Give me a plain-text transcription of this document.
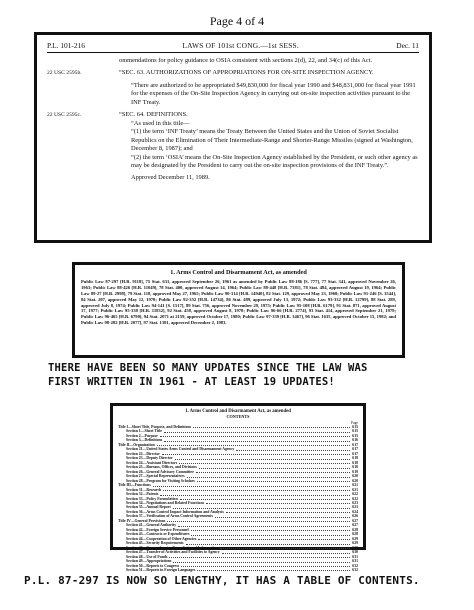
Page 4 of 4
P.L. 101-216	LAWS OF 101st CONG.—1st SESS.	Dec. 11
ommendations for policy guidance to OSIA consistent with sections 2(d), 22, and 34(c) of this Act.
22 USC 2595b.	“SEC. 63. AUTHORIZATIONS OF APPROPRIATIONS FOR ON-SITE INSPECTION AGENCY.
“There are authorized to be appropriated $49,830,000 for fiscal year 1990 and $48,831,000 for fiscal year 1991 for the expenses of the On-Site Inspection Agency in carrying out on-site inspection activities pursuant to the INF Treaty.
22 USC 2595c.	“SEC. 64. DEFINITIONS.
“As used in this title—
“(1) the term ‘INF Treaty’ means the Treaty Between the United States and the Union of Soviet Socialist Republics on the Elimination of Their Intermediate-Range and Shorter-Range Missiles (signed at Washington, December 8, 1987); and
“(2) the term ‘OSIA’ means the On-Site Inspection Agency established by the President, or such other agency as may be designated by the President to carry out the on-site inspection provisions of the INF Treaty.”.
Approved December 11, 1989.
1. Arms Control and Disarmament Act, as amended
Public Law 87-297 [H.R. 9118], 75 Stat. 631, approved September 26, 1961 as amended by Public Law 88-186 [S. 777], 77 Stat. 341, approved November 26, 1963; Public Law 88-426 [H.R. 11049], 78 Stat. 400, approved August 14, 1964; Public Law 88-448 [H.R. 7381], 78 Stat. 484, approved August 19, 1964; Public Law 89-27 [H.R. 2998], 79 Stat. 118, approved May 27, 1965; Public Law 90-314 [H.R. 14940], 82 Stat. 129, approved May 23, 1968; Public Law 91-246 [S. 3544], 84 Stat. 207, approved May 12, 1970; Public Law 92-352 [H.R. 14734], 86 Stat. 489, approved July 13, 1972; Public Law 93-332 [H.R. 12799], 88 Stat. 289, approved July 8, 1974; Public Law 94-141 [S. 1517], 89 Stat. 756, approved November 29, 1975; Public Law 95-108 [H.R. 6179], 91 Stat. 871, approved August 17, 1977; Public Law 95-338 [H.R. 11832], 92 Stat. 458, approved August 8, 1978; Public Law 96-66 [H.R. 2774], 93 Stat. 414, approved September 21, 1979; Public Law 96-465 [H.R. 6790], 94 Stat. 2071 at 2159, approved October 17, 1980; Public Law 97-339 [H.R. 3467], 96 Stat. 1635, approved October 15, 1982; and Public Law 98-202 [H.R. 2077], 97 Stat. 1381, approved December 2, 1983.
THERE HAVE BEEN SO MANY UPDATES SINCE THE LAW WAS
FIRST WRITTEN IN 1961 - AT LEAST 19 UPDATES!
1. Arms Control and Disarmament Act, as amended
CONTENTS
Page
Title I—Short Title, Purpose, and Definitions	615
Section 1—Short Title	615
Section 2—Purpose	615
Section 3—Definitions	616
Title II—Organization	617
Section 21—United States Arms Control and Disarmament Agency	617
Section 22—Director	617
Section 23—Deputy Director	618
Section 24—Assistant Directors	618
Section 25—Bureaus, Offices, and Divisions	618
Section 26—General Advisory Committee	619
Section 27—Special Representatives	620
Section 28—Program for Visiting Scholars	620
Title III—Functions	621
Section 31—Research	621
Section 32—Patents	622
Section 33—Policy Formulation	622
Section 34—Negotiations and Related Functions	623
Section 35—Annual Report	623
Section 36—Arms Control Impact Information and Analysis	624
Section 37—Verification of Arms Control Agreements	626
Title IV—General Provisions	627
Section 41—General Authority	627
Section 42—Foreign Service Personnel	628
Section 43—Contracts or Expenditures	628
Section 44—Cooperation of Other Agencies	629
Section 45—Security Requirements	629
Section 46—Comprehensive Compilation of Information	630
Section 47—Transfer of Activities and Facilities to Agency	630
Section 48—Use of Funds	631
Section 49—Appropriations	631
Section 50—Reports to Congress	632
Section 51—Reports in Foreign Languages	632
P.L. 87-297 IS NOW SO LENGTHY, IT HAS A TABLE OF CONTENTS.
